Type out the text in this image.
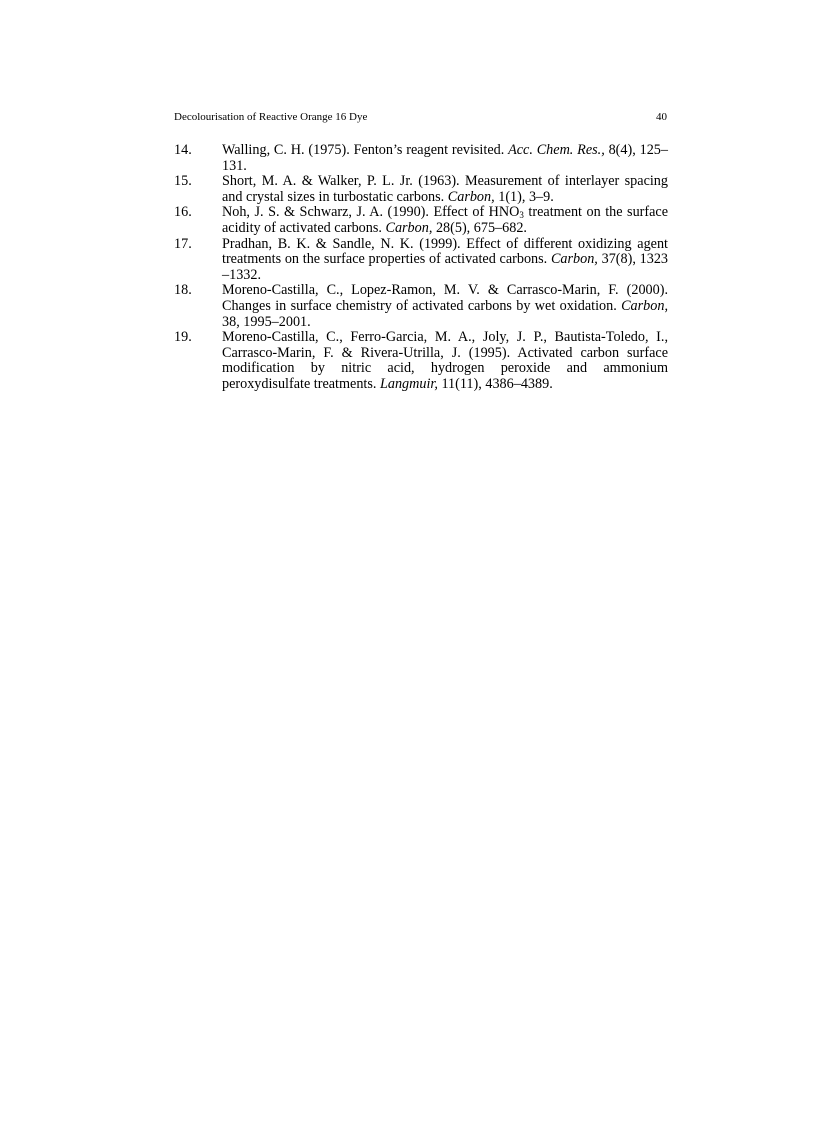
Decolourisation of Reactive Orange 16 Dye	40
14.	Walling, C. H. (1975). Fenton’s reagent revisited. Acc. Chem. Res., 8(4), 125–131.
15.	Short, M. A. & Walker, P. L. Jr. (1963). Measurement of interlayer spacing and crystal sizes in turbostatic carbons. Carbon, 1(1), 3–9.
16.	Noh, J. S. & Schwarz, J. A. (1990). Effect of $HNO_3$ treatment on the surface acidity of activated carbons. Carbon, 28(5), 675–682.
17.	Pradhan, B. K. & Sandle, N. K. (1999). Effect of different oxidizing agent treatments on the surface properties of activated carbons. Carbon, 37(8), 1323 –1332.
18.	Moreno-Castilla, C., Lopez-Ramon, M. V. & Carrasco-Marin, F. (2000). Changes in surface chemistry of activated carbons by wet oxidation. Carbon, 38, 1995–2001.
19.	Moreno-Castilla, C., Ferro-Garcia, M. A., Joly, J. P., Bautista-Toledo, I., Carrasco-Marin, F. & Rivera-Utrilla, J. (1995). Activated carbon surface modification by nitric acid, hydrogen peroxide and ammonium peroxydisulfate treatments. Langmuir, 11(11), 4386–4389.
